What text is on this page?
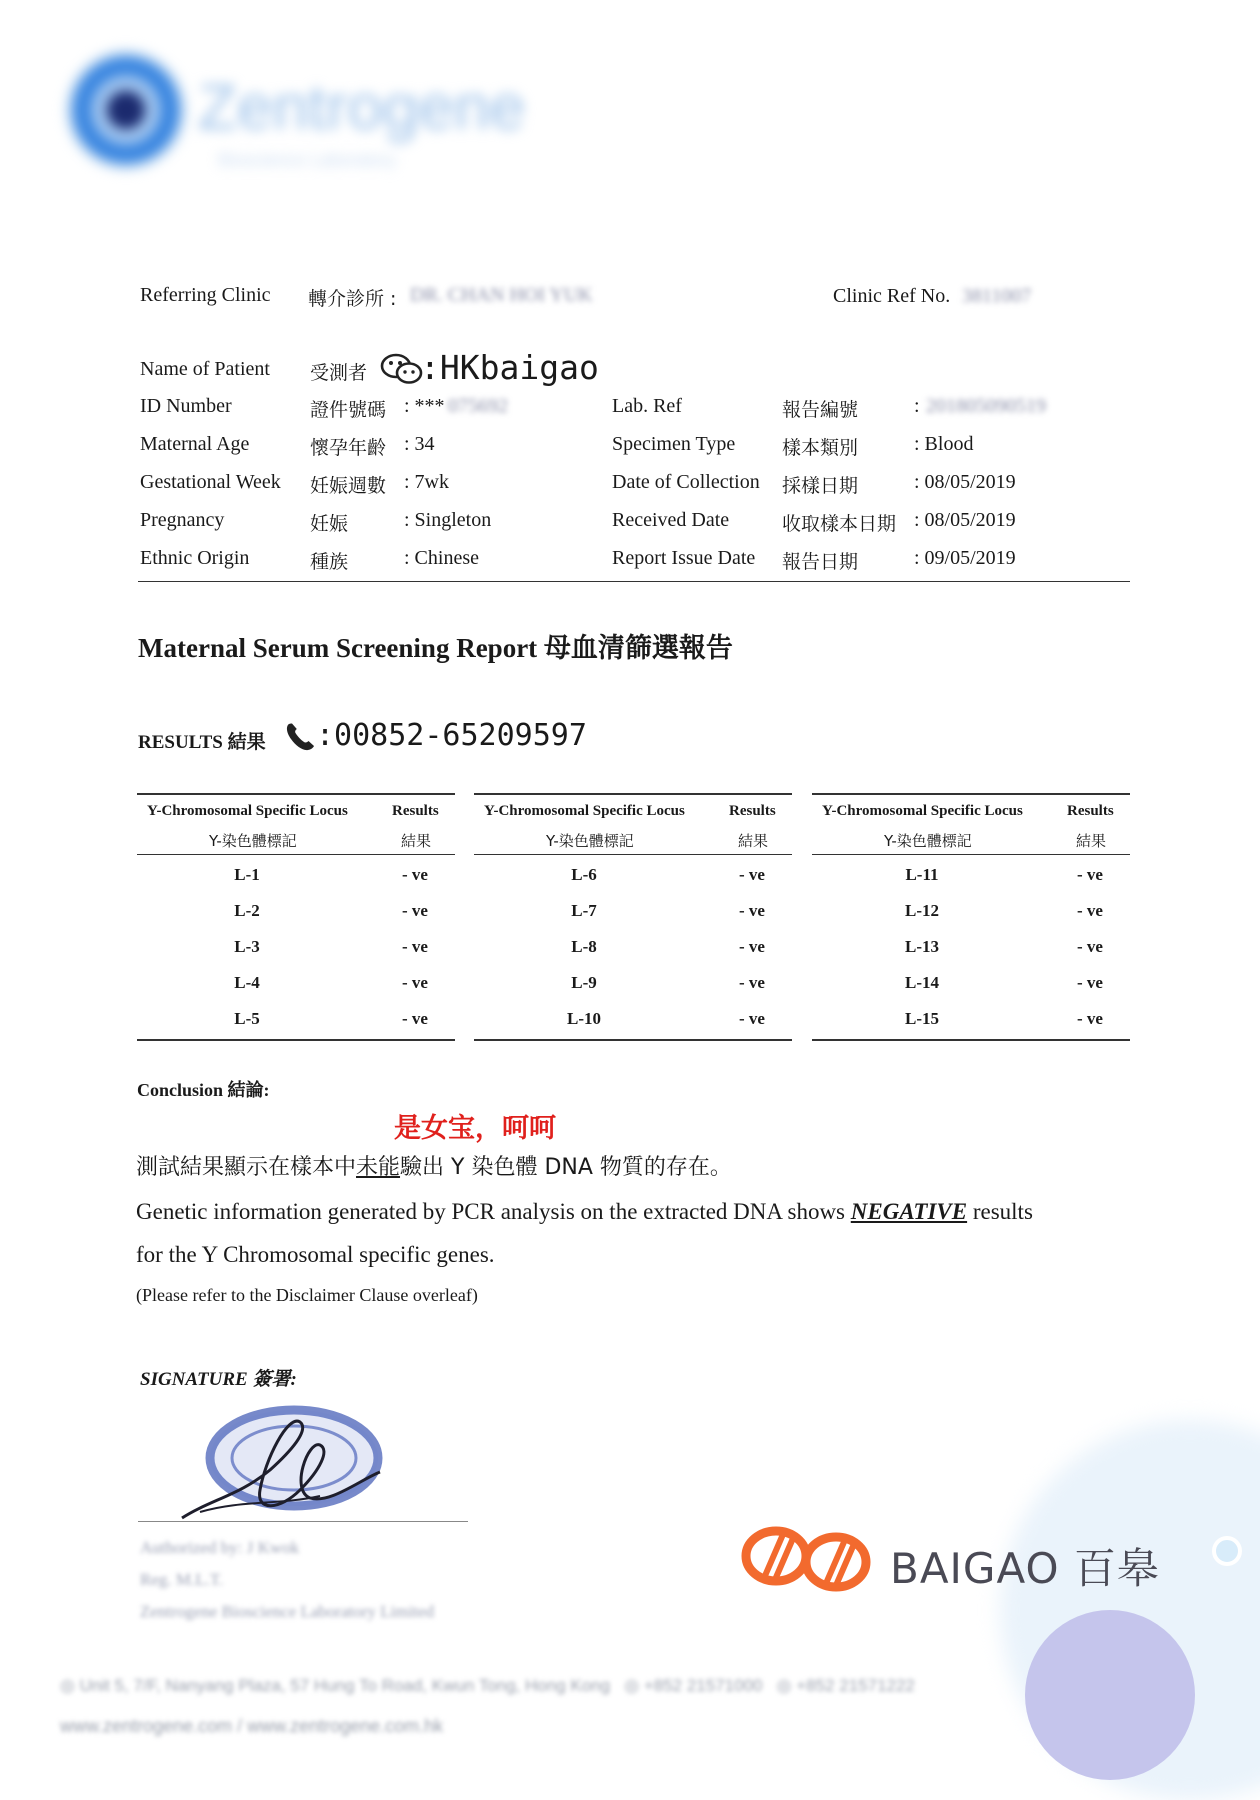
Zentrogene
Bioscience Laboratory
Referring Clinic 轉介診所 : DR. CHAN HOI YUK	Clinic Ref No. 3811007
Name of Patient 受測者 :HKbaigao
ID Number	證件號碼 : *** 075692
Maternal Age	懷孕年齡 : 34
Gestational Week 妊娠週數 : 7wk
Pregnancy	妊娠	: Singleton
Ethnic Origin	種族	: Chinese
Lab. Ref	報告編號	: 201805090519
Specimen Type 樣本類別	: Blood
Date of Collection 採樣日期	: 08/05/2019
Received Date	收取樣本日期 : 08/05/2019
Report Issue Date 報告日期	: 09/05/2019
Maternal Serum Screening Report 母血清篩選報告
RESULTS 結果 :00852-65209597
Y-Chromosomal Specific Locus	Results
Y-染色體標記	結果
L-1	- ve
L-2	- ve
L-3	- ve
L-4	- ve
L-5	- ve
Y-Chromosomal Specific Locus	Results
Y-染色體標記	結果
L-6	- ve
L-7	- ve
L-8	- ve
L-9	- ve
L-10	- ve
Y-Chromosomal Specific Locus	Results
Y-染色體標記	結果
L-11	- ve
L-12	- ve
L-13	- ve
L-14	- ve
L-15	- ve
Conclusion 結論:
是女宝，呵呵
測試結果顯示在樣本中未能驗出 Y 染色體 DNA 物質的存在。
Genetic information generated by PCR analysis on the extracted DNA shows NEGATIVE results
for the Y Chromosomal specific genes.
(Please refer to the Disclaimer Clause overleaf)
SIGNATURE 簽署:
Authorized by: J Kwok
Reg. M.L.T.
Zentrogene Bioscience Laboratory Limited
BAIGAO 百皋
◎ Unit 5, 7/F, Nanyang Plaza, 57 Hung To Road, Kwun Tong, Hong Kong ◎ +852 21571000 ◎ +852 21571222
www.zentrogene.com / www.zentrogene.com.hk
